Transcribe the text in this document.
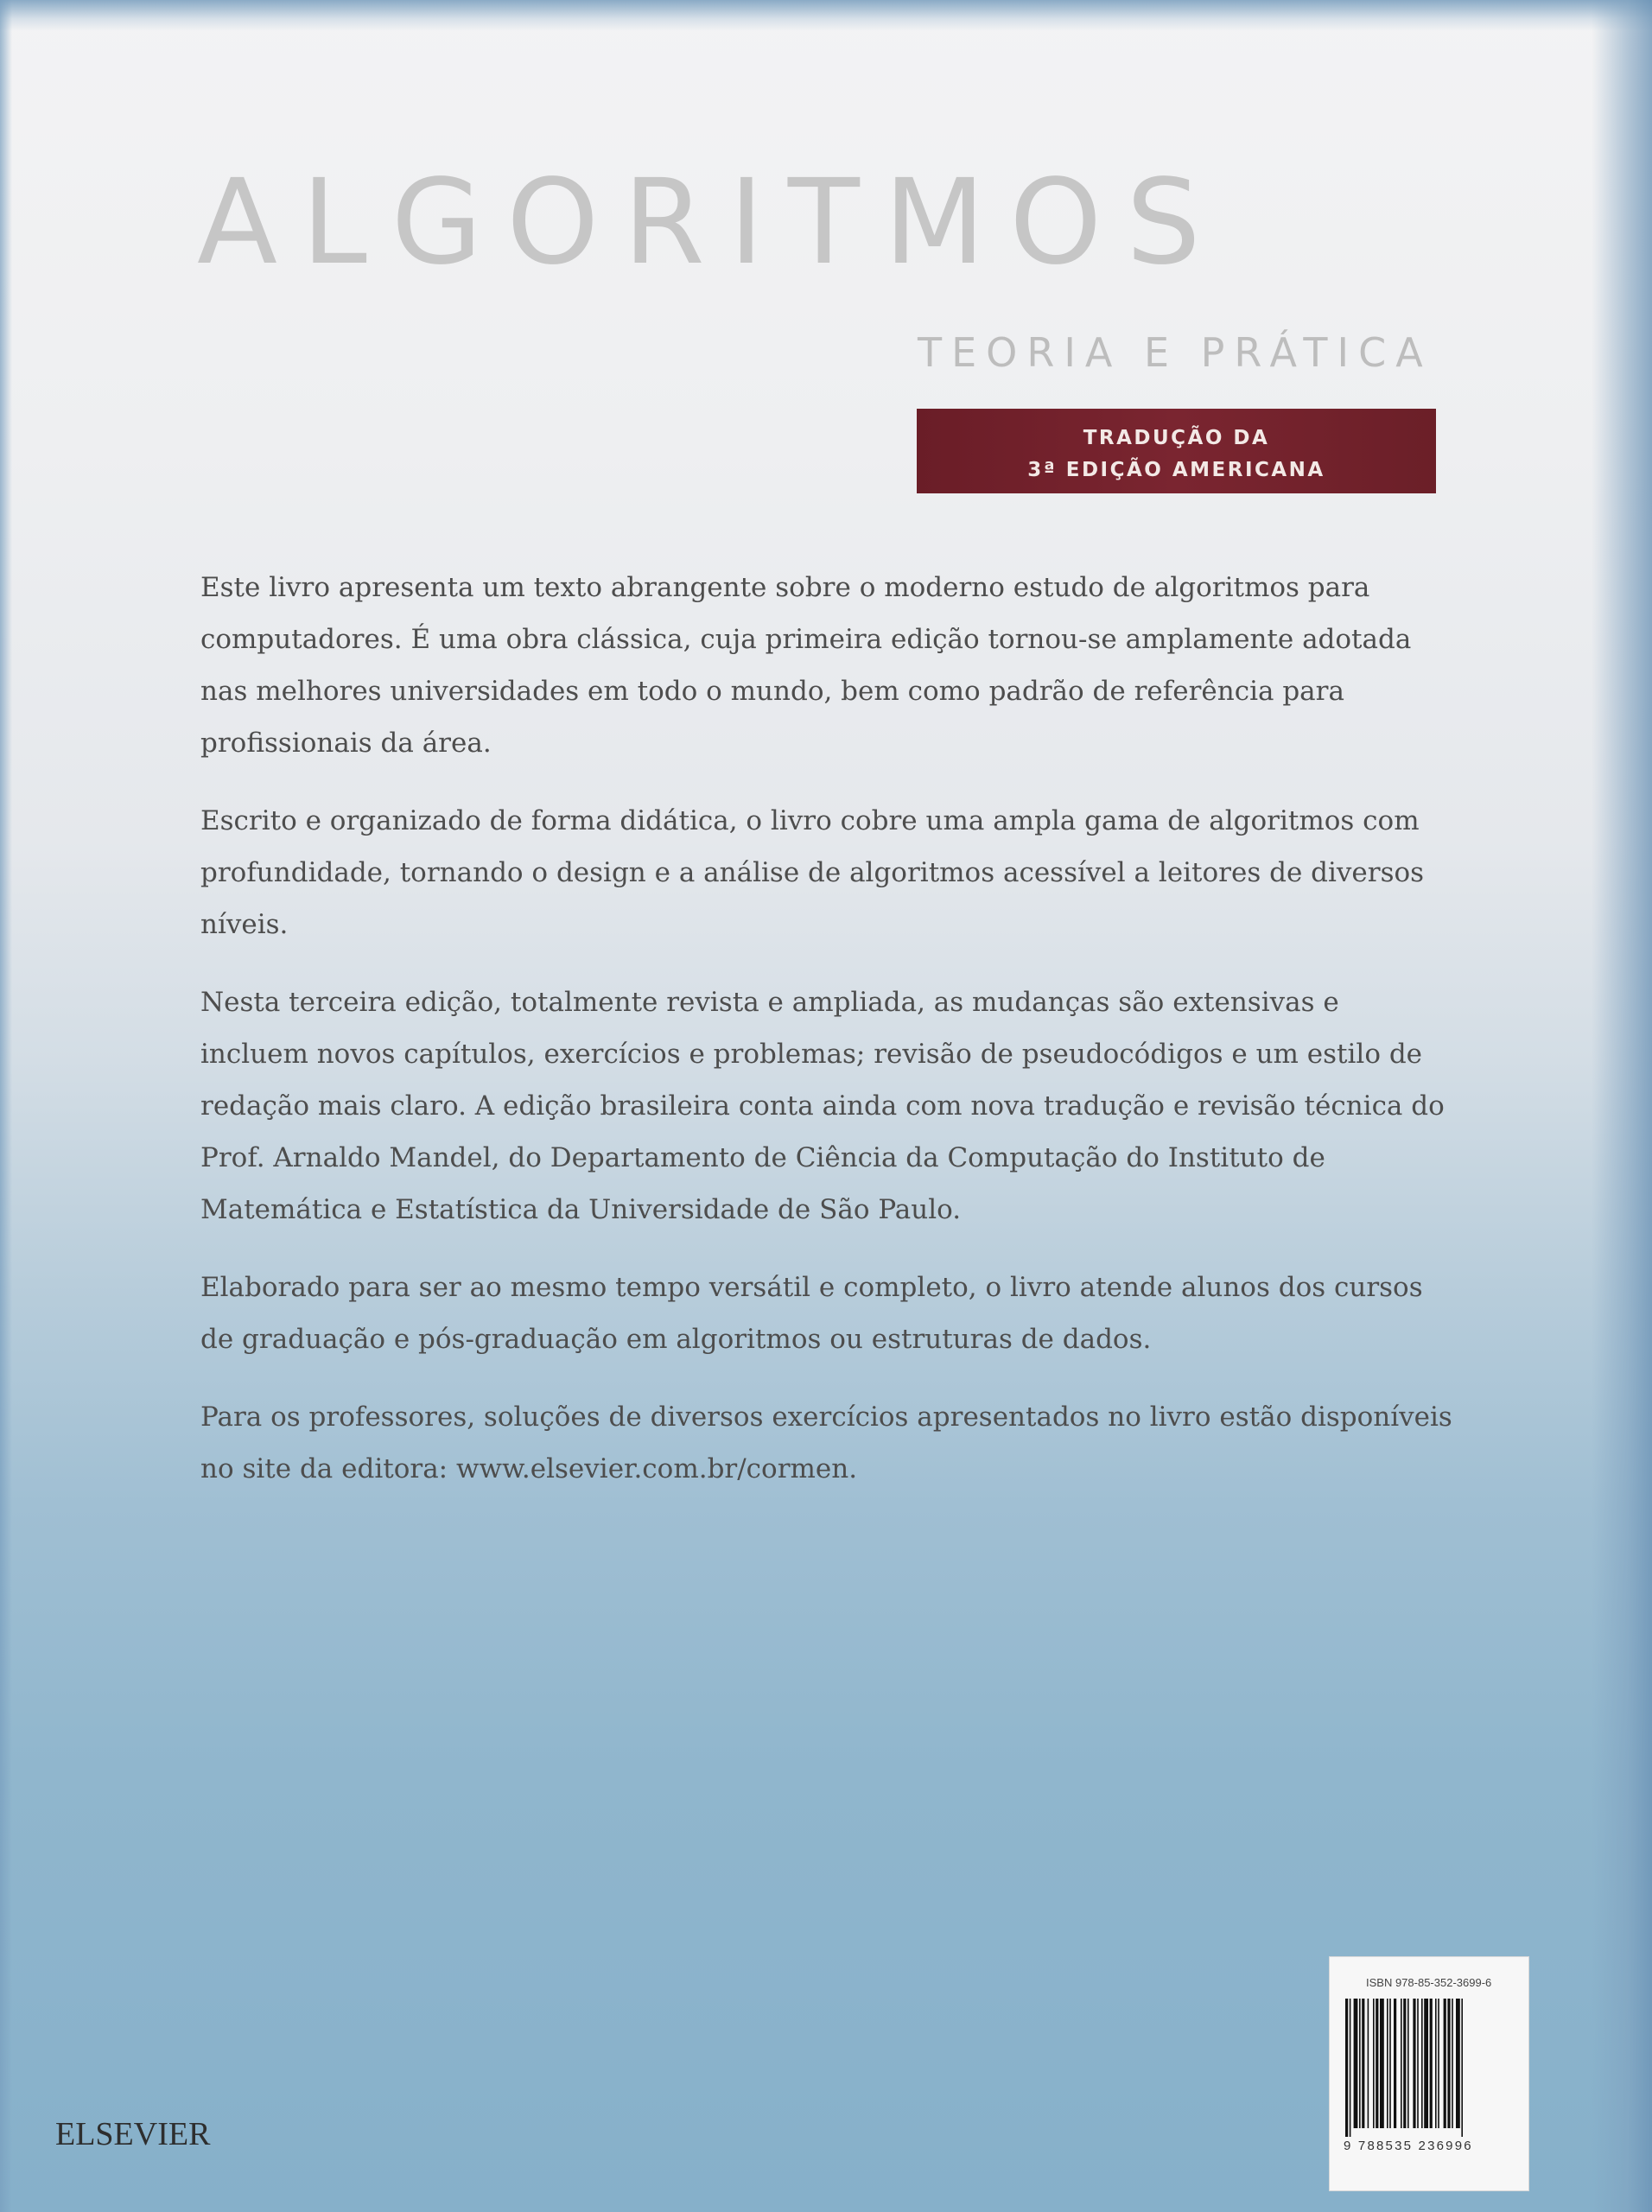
ALGORITMOS
TEORIA E PRÁTICA
TRADUÇÃO DA
3ª EDIÇÃO AMERICANA

Este livro apresenta um texto abrangente sobre o moderno estudo de algoritmos para computadores. É uma obra clássica, cuja primeira edição tornou-se amplamente adotada nas melhores universidades em todo o mundo, bem como padrão de referência para profissionais da área.

Escrito e organizado de forma didática, o livro cobre uma ampla gama de algoritmos com profundidade, tornando o design e a análise de algoritmos acessível a leitores de diversos níveis.

Nesta terceira edição, totalmente revista e ampliada, as mudanças são extensivas e incluem novos capítulos, exercícios e problemas; revisão de pseudocódigos e um estilo de redação mais claro. A edição brasileira conta ainda com nova tradução e revisão técnica do Prof. Arnaldo Mandel, do Departamento de Ciência da Computação do Instituto de Matemática e Estatística da Universidade de São Paulo.

Elaborado para ser ao mesmo tempo versátil e completo, o livro atende alunos dos cursos de graduação e pós-graduação em algoritmos ou estruturas de dados.

Para os professores, soluções de diversos exercícios apresentados no livro estão disponíveis no site da editora: www.elsevier.com.br/cormen.

ISBN 978-85-352-3699-6
9 788535 236996
ELSEVIER
